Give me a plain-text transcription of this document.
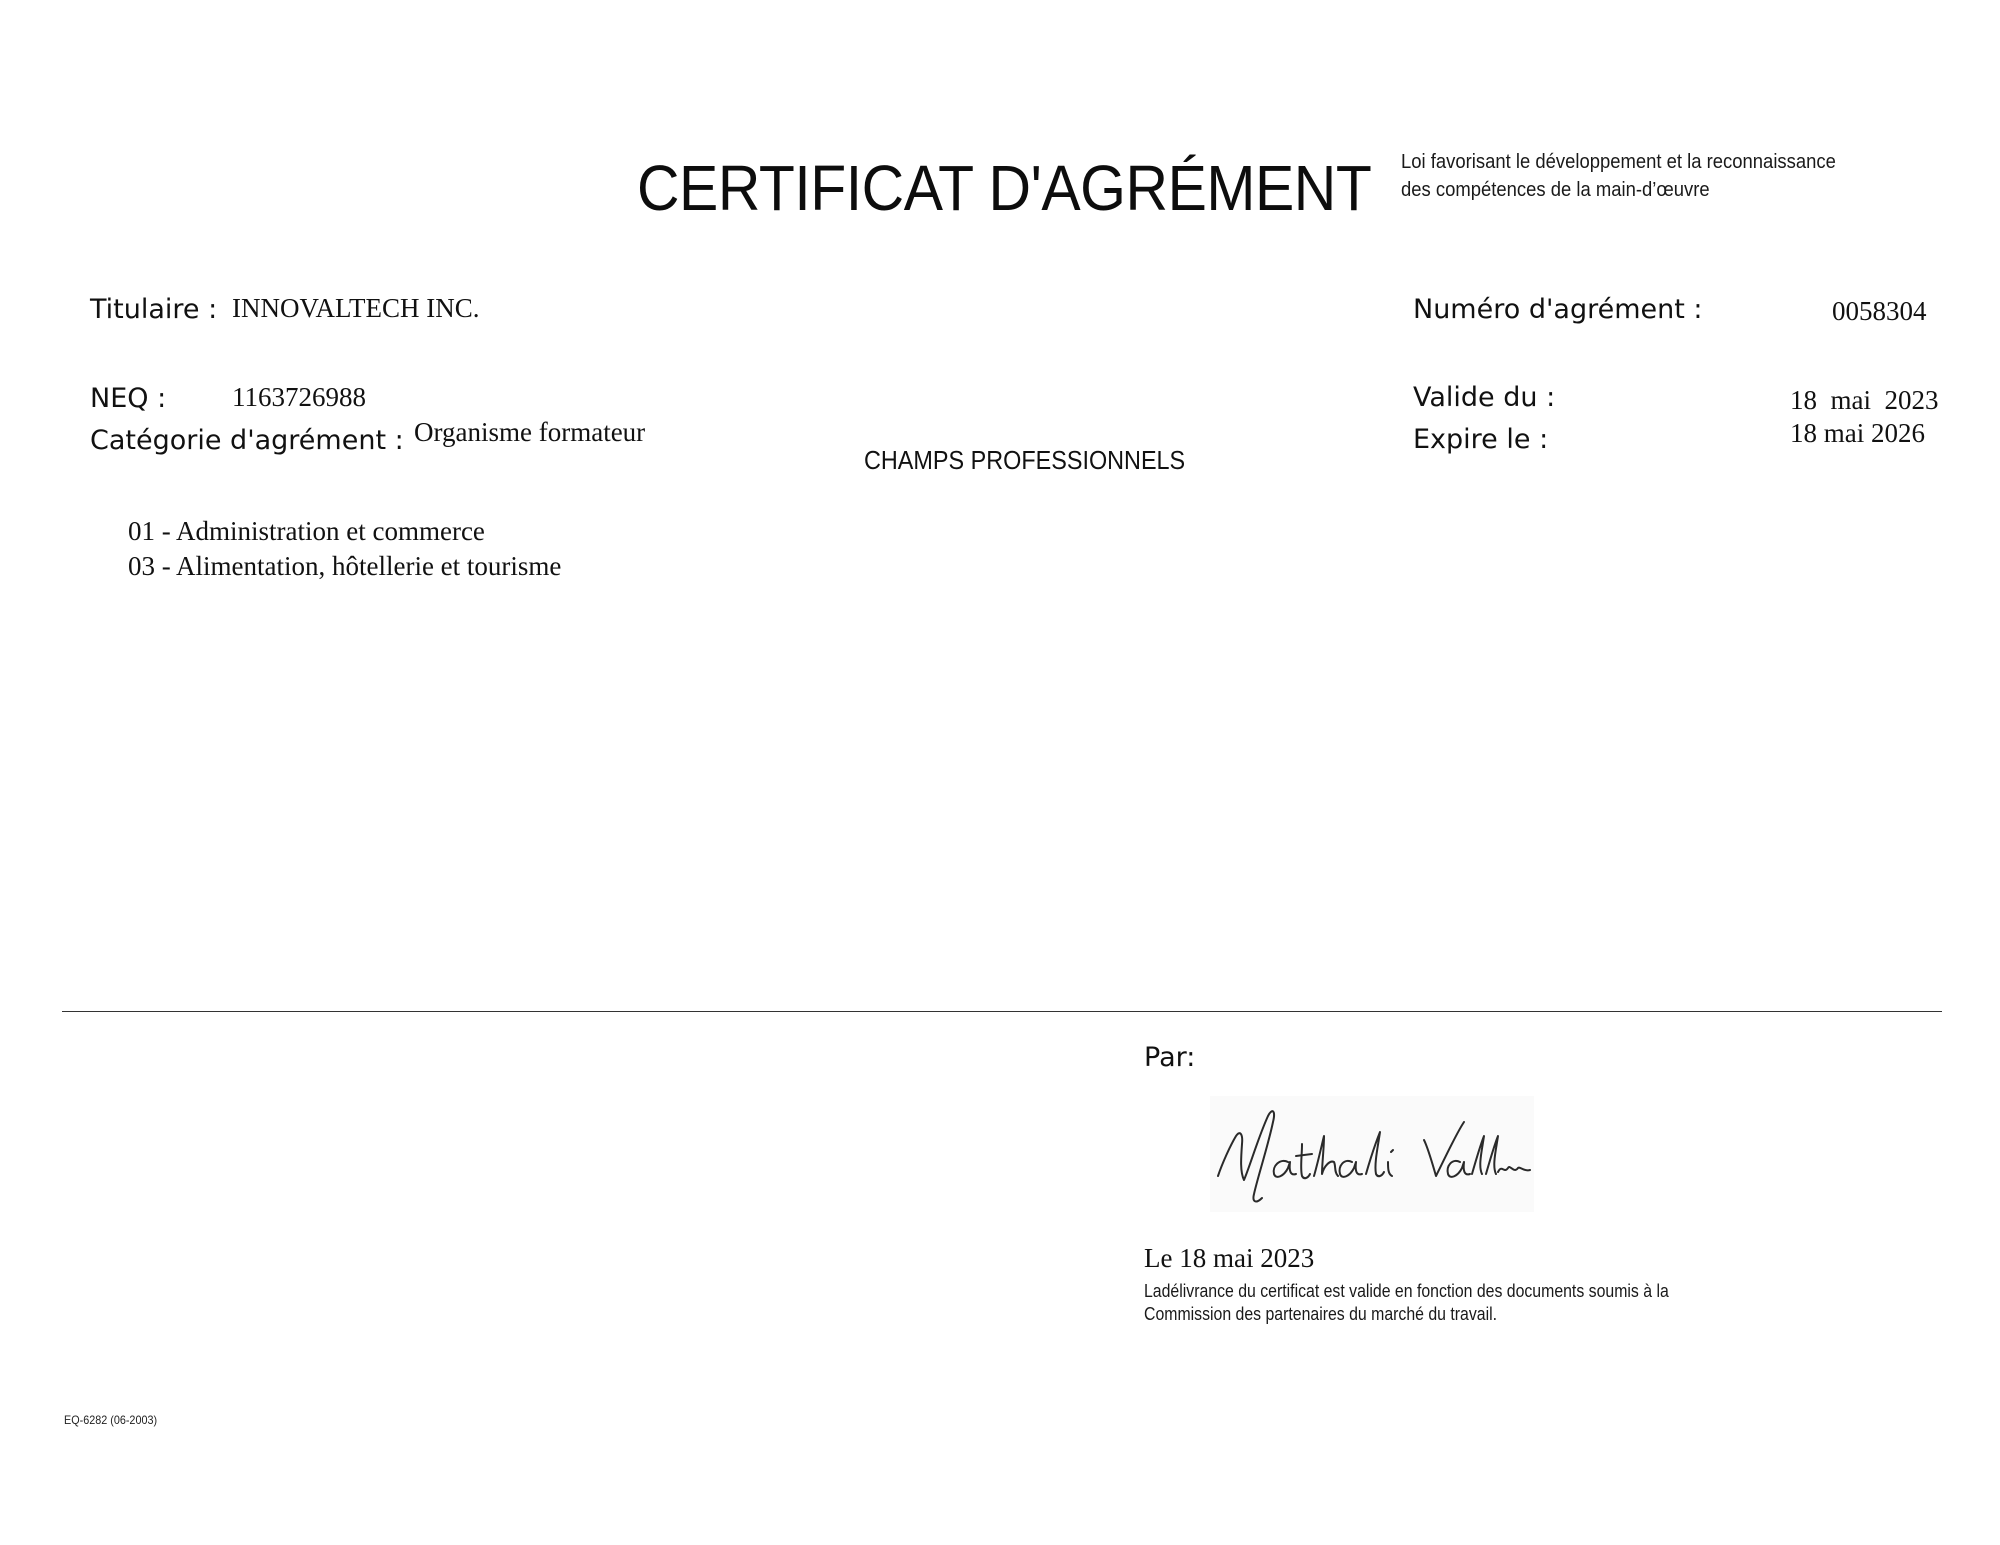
CERTIFICAT D'AGRÉMENT Loi favorisant le développement et la reconnaissance
des compétences de la main-d’œuvre
Titulaire : INNOVALTECH INC.
NEQ : 1163726988
Catégorie d'agrément : Organisme formateur
Numéro d'agrément :	0058304
Valide du :	18  mai  2023
Expire le :	18 mai 2026
CHAMPS PROFESSIONNELS
01 - Administration et commerce
03 - Alimentation, hôtellerie et tourisme
Par:
Le 18 mai 2023
Ladélivrance du certificat est valide en fonction des documents soumis à la
Commission des partenaires du marché du travail.
EQ-6282 (06-2003)
